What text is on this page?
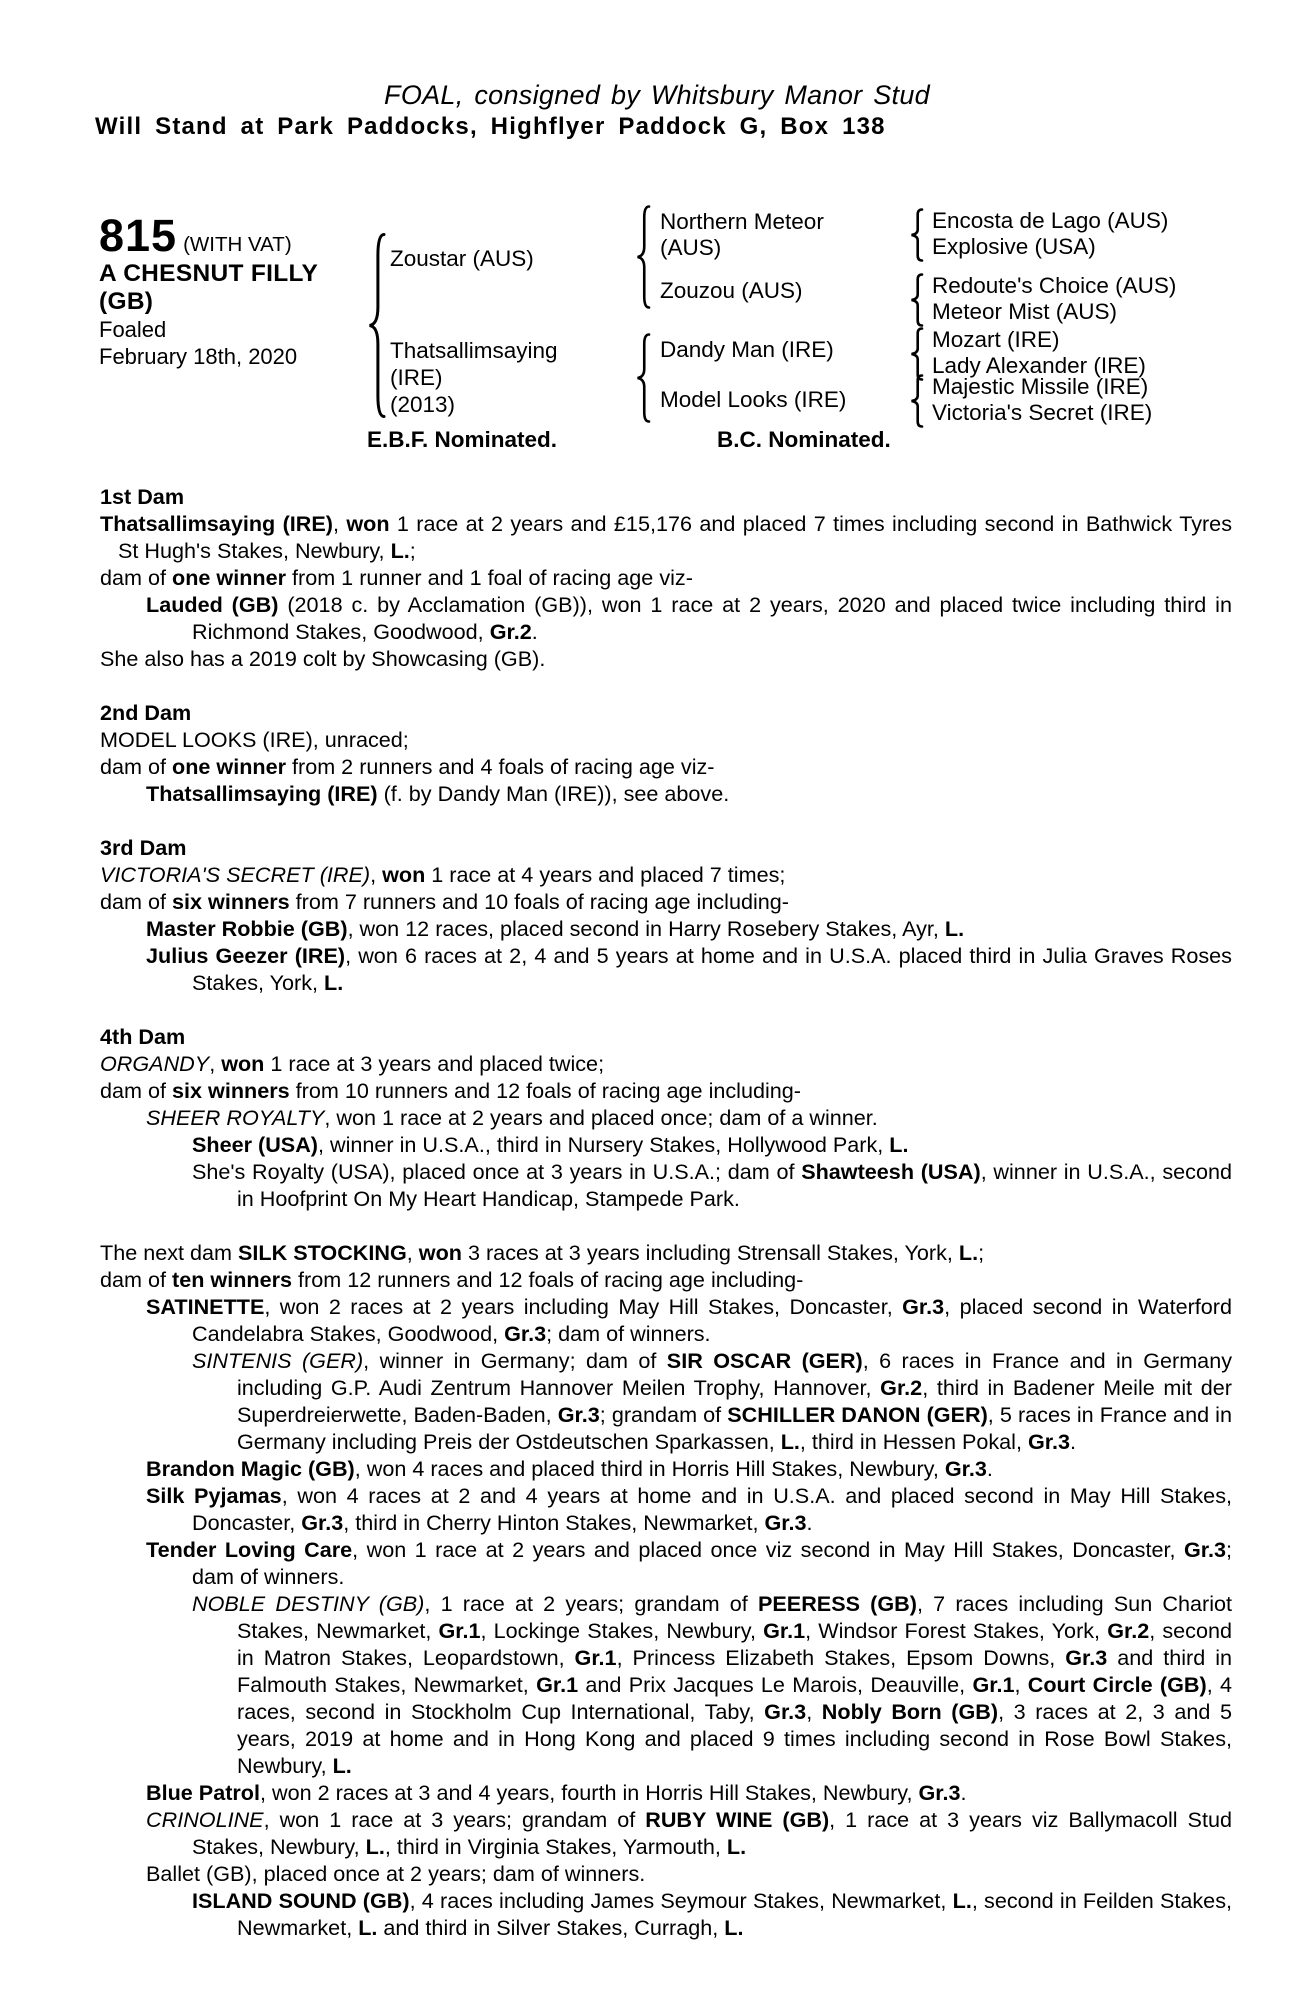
FOAL, consigned by Whitsbury Manor Stud
Will Stand at Park Paddocks, Highflyer Paddock G, Box 138
815 (WITH VAT)
A CHESNUT FILLY
(GB)
Foaled
February 18th, 2020
Zoustar (AUS)
Thatsallimsaying
(IRE)
(2013)
Northern Meteor
(AUS)
Zouzou (AUS)
Dandy Man (IRE)
Model Looks (IRE)
Encosta de Lago (AUS)
Explosive (USA)
Redoute's Choice (AUS)
Meteor Mist (AUS)
Mozart (IRE)
Lady Alexander (IRE)
Majestic Missile (IRE)
Victoria's Secret (IRE)
E.B.F. Nominated.	B.C. Nominated.

1st Dam

Thatsallimsaying (IRE), won 1 race at 2 years and £15,176 and placed 7 times including second in Bathwick Tyres St Hugh's Stakes, Newbury, L.;

dam of one winner from 1 runner and 1 foal of racing age viz-

Lauded (GB) (2018 c. by Acclamation (GB)), won 1 race at 2 years, 2020 and placed twice including third in Richmond Stakes, Goodwood, Gr.2.

She also has a 2019 colt by Showcasing (GB).

2nd Dam

MODEL LOOKS (IRE), unraced;

dam of one winner from 2 runners and 4 foals of racing age viz-

Thatsallimsaying (IRE) (f. by Dandy Man (IRE)), see above.

3rd Dam

VICTORIA'S SECRET (IRE), won 1 race at 4 years and placed 7 times;

dam of six winners from 7 runners and 10 foals of racing age including-

Master Robbie (GB), won 12 races, placed second in Harry Rosebery Stakes, Ayr, L.

Julius Geezer (IRE), won 6 races at 2, 4 and 5 years at home and in U.S.A. placed third in Julia Graves Roses Stakes, York, L.

4th Dam

ORGANDY, won 1 race at 3 years and placed twice;

dam of six winners from 10 runners and 12 foals of racing age including-

SHEER ROYALTY, won 1 race at 2 years and placed once; dam of a winner.

Sheer (USA), winner in U.S.A., third in Nursery Stakes, Hollywood Park, L.

She's Royalty (USA), placed once at 3 years in U.S.A.; dam of Shawteesh (USA), winner in U.S.A., second in Hoofprint On My Heart Handicap, Stampede Park.

The next dam SILK STOCKING, won 3 races at 3 years including Strensall Stakes, York, L.;

dam of ten winners from 12 runners and 12 foals of racing age including-

SATINETTE, won 2 races at 2 years including May Hill Stakes, Doncaster, Gr.3, placed second in Waterford Candelabra Stakes, Goodwood, Gr.3; dam of winners.

SINTENIS (GER), winner in Germany; dam of SIR OSCAR (GER), 6 races in France and in Germany including G.P. Audi Zentrum Hannover Meilen Trophy, Hannover, Gr.2, third in Badener Meile mit der Superdreierwette, Baden-Baden, Gr.3; grandam of SCHILLER DANON (GER), 5 races in France and in Germany including Preis der Ostdeutschen Sparkassen, L., third in Hessen Pokal, Gr.3.

Brandon Magic (GB), won 4 races and placed third in Horris Hill Stakes, Newbury, Gr.3.

Silk Pyjamas, won 4 races at 2 and 4 years at home and in U.S.A. and placed second in May Hill Stakes, Doncaster, Gr.3, third in Cherry Hinton Stakes, Newmarket, Gr.3.

Tender Loving Care, won 1 race at 2 years and placed once viz second in May Hill Stakes, Doncaster, Gr.3; dam of winners.

NOBLE DESTINY (GB), 1 race at 2 years; grandam of PEERESS (GB), 7 races including Sun Chariot Stakes, Newmarket, Gr.1, Lockinge Stakes, Newbury, Gr.1, Windsor Forest Stakes, York, Gr.2, second in Matron Stakes, Leopardstown, Gr.1, Princess Elizabeth Stakes, Epsom Downs, Gr.3 and third in Falmouth Stakes, Newmarket, Gr.1 and Prix Jacques Le Marois, Deauville, Gr.1, Court Circle (GB), 4 races, second in Stockholm Cup International, Taby, Gr.3, Nobly Born (GB), 3 races at 2, 3 and 5 years, 2019 at home and in Hong Kong and placed 9 times including second in Rose Bowl Stakes, Newbury, L.

Blue Patrol, won 2 races at 3 and 4 years, fourth in Horris Hill Stakes, Newbury, Gr.3.

CRINOLINE, won 1 race at 3 years; grandam of RUBY WINE (GB), 1 race at 3 years viz Ballymacoll Stud Stakes, Newbury, L., third in Virginia Stakes, Yarmouth, L.

Ballet (GB), placed once at 2 years; dam of winners.

ISLAND SOUND (GB), 4 races including James Seymour Stakes, Newmarket, L., second in Feilden Stakes, Newmarket, L. and third in Silver Stakes, Curragh, L.
